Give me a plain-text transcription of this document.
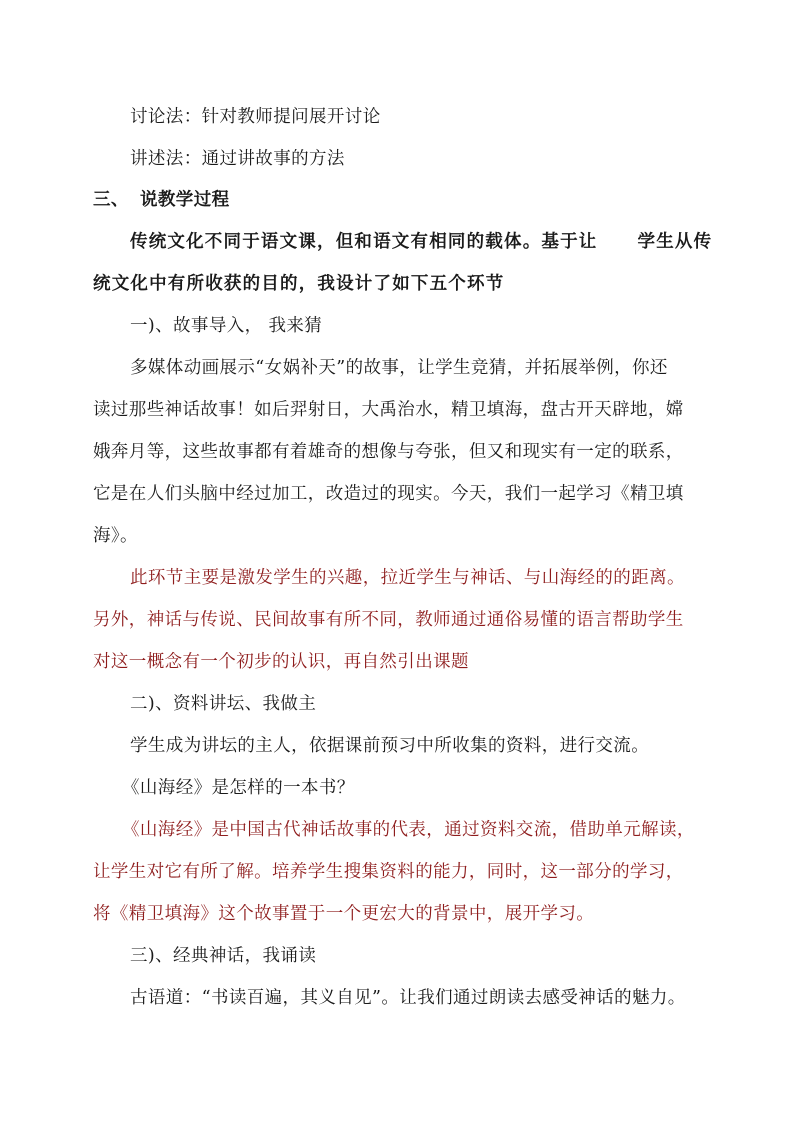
讨论法：针对教师提问展开讨论
讲述法：通过讲故事的方法
三、 说教学过程
传统文化不同于语文课，但和语文有相同的载体。基于让 学生从传
统文化中有所收获的目的，我设计了如下五个环节
一)、故事导入， 我来猜
多媒体动画展示“女娲补天”的故事，让学生竞猜，并拓展举例，你还
读过那些神话故事！如后羿射日，大禹治水，精卫填海，盘古开天辟地，嫦
娥奔月等，这些故事都有着雄奇的想像与夸张，但又和现实有一定的联系，
它是在人们头脑中经过加工，改造过的现实。今天，我们一起学习《精卫填
海》。
此环节主要是激发学生的兴趣，拉近学生与神话、与山海经的的距离。
另外，神话与传说、民间故事有所不同，教师通过通俗易懂的语言帮助学生
对这一概念有一个初步的认识，再自然引出课题
二)、资料讲坛、我做主
学生成为讲坛的主人，依据课前预习中所收集的资料，进行交流。
《山海经》是怎样的一本书？
《山海经》是中国古代神话故事的代表，通过资料交流，借助单元解读，
让学生对它有所了解。培养学生搜集资料的能力，同时，这一部分的学习，
将《精卫填海》这个故事置于一个更宏大的背景中，展开学习。
三)、经典神话，我诵读
古语道：“书读百遍，其义自见”。让我们通过朗读去感受神话的魅力。
